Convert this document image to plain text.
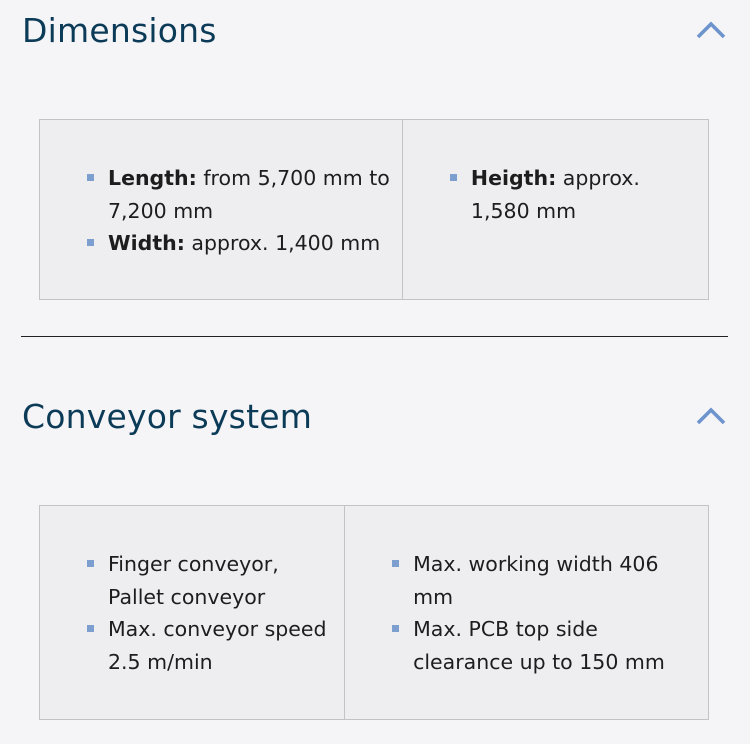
Dimensions
Length: from 5,700 mm to 7,200 mm
Width: approx. 1,400 mm
Heigth: approx. 1,580 mm
Conveyor system
Finger conveyor, Pallet conveyor
Max. conveyor speed 2.5 m/min
Max. working width 406 mm
Max. PCB top side clearance up to 150 mm
